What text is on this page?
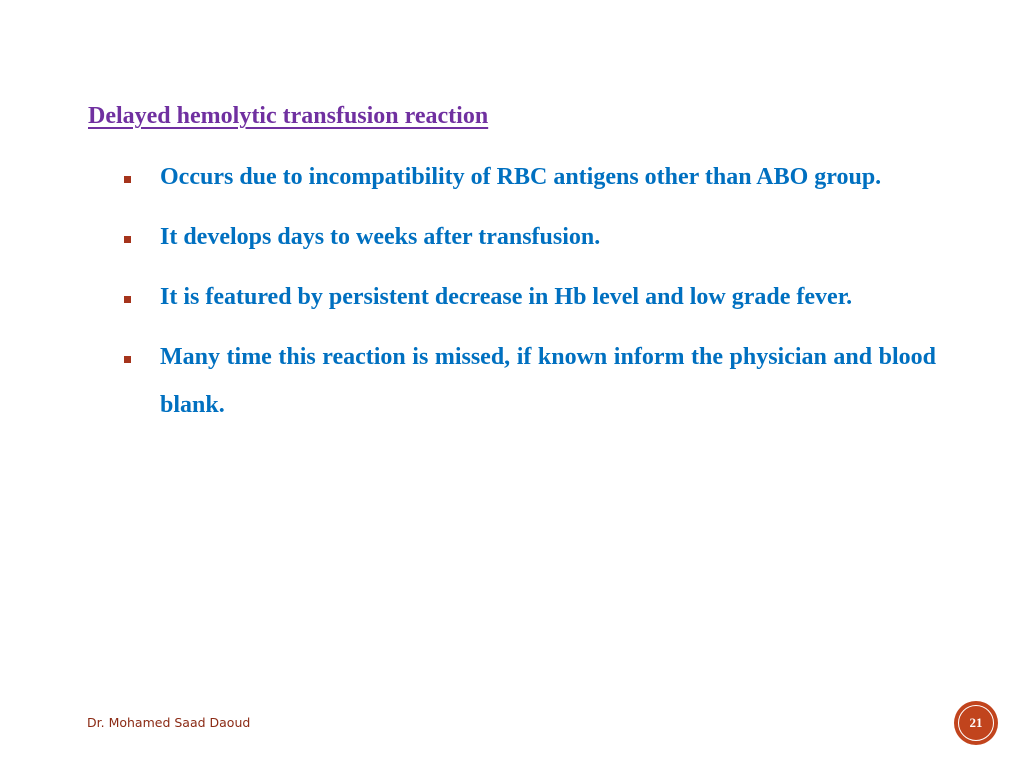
Delayed hemolytic transfusion reaction
Occurs due to incompatibility of RBC antigens other than ABO group.
It develops days to weeks after transfusion.
It is featured by persistent decrease in Hb level and low grade fever.
Many time this reaction is missed, if known inform the physician and blood blank.
Dr. Mohamed Saad Daoud	21
